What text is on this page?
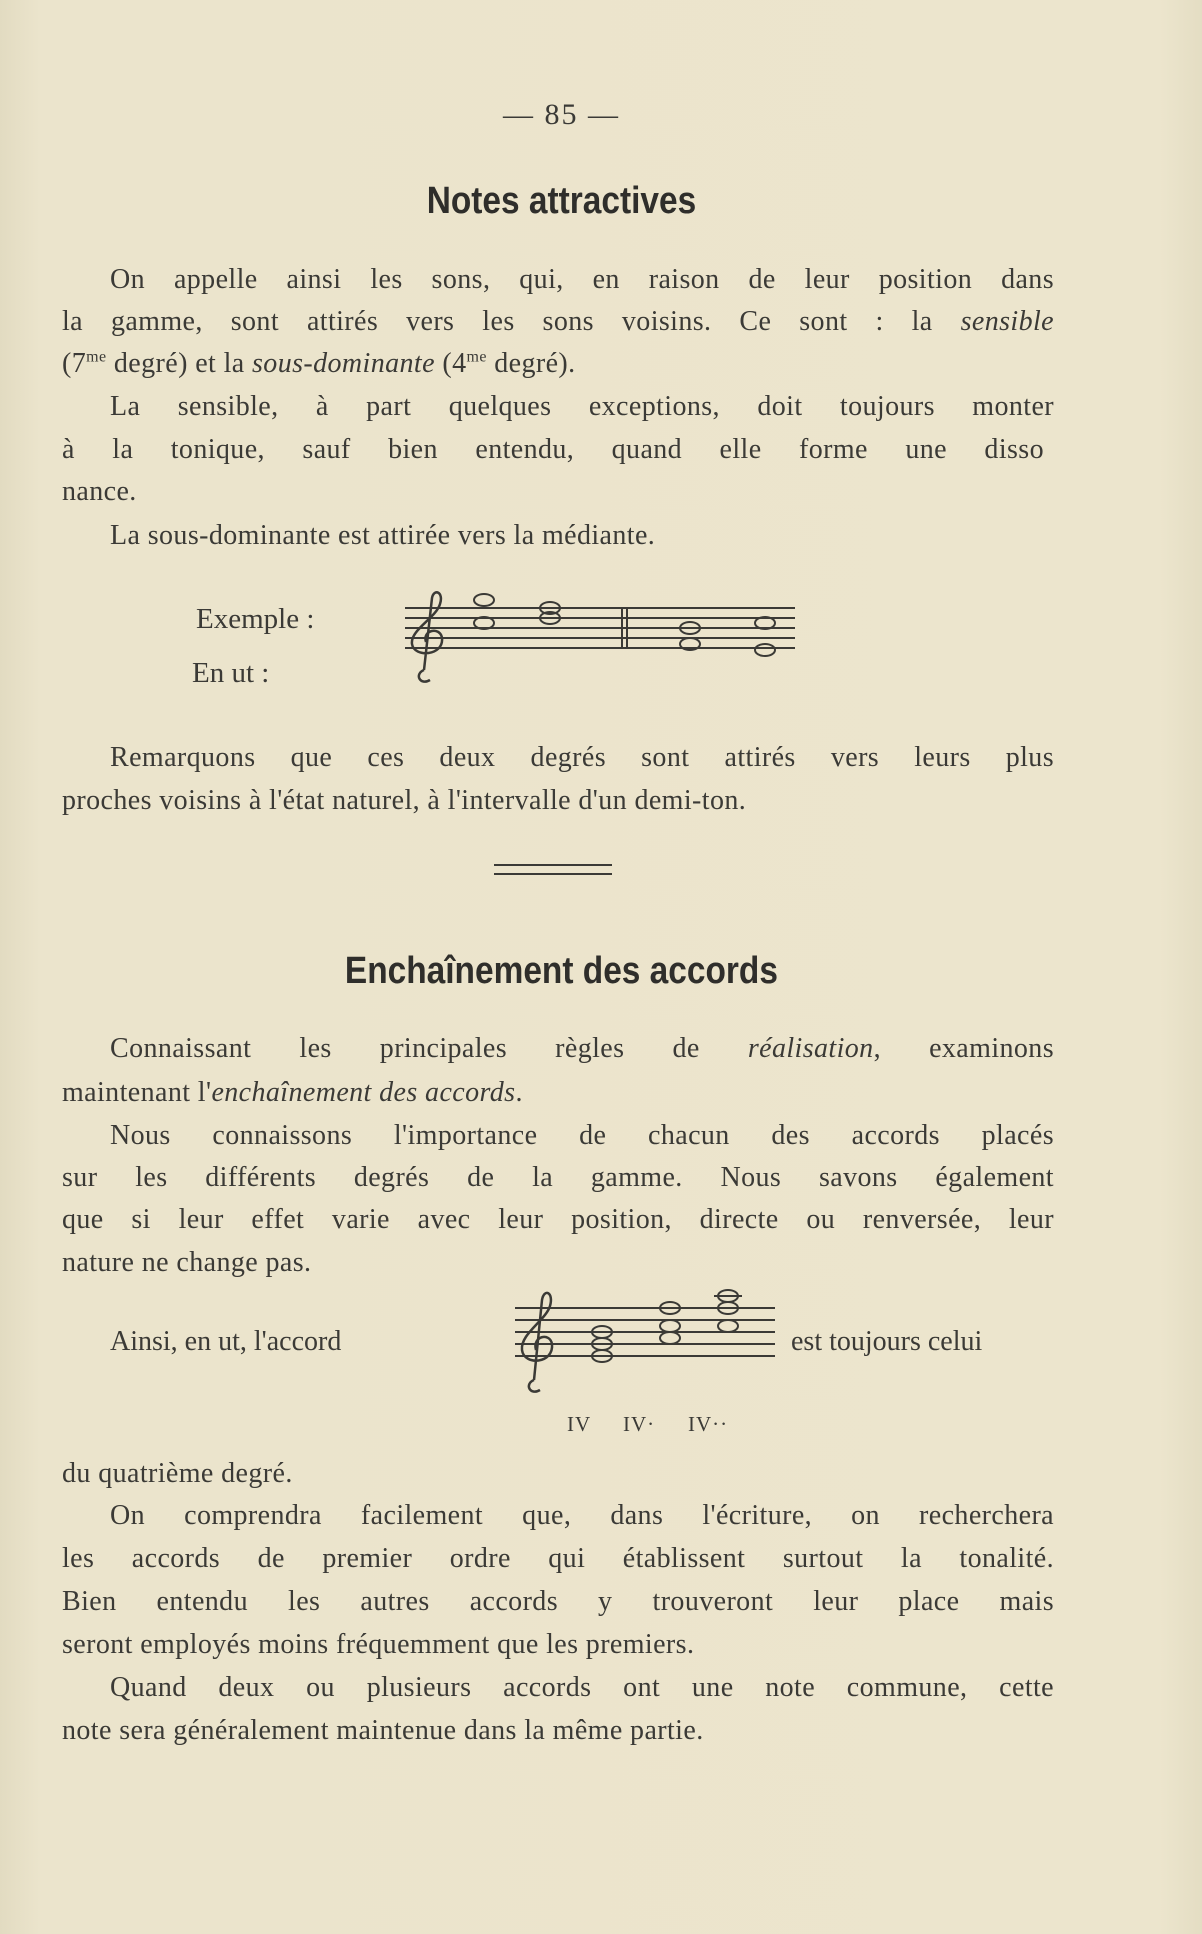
— 85 —
Notes attractives
On appelle ainsi les sons, qui, en raison de leur position dans
la gamme, sont attirés vers les sons voisins. Ce sont : la sensible
($7^{me}$ degré) et la sous-dominante ($4^{me}$ degré).
La sensible, à part quelques exceptions, doit toujours monter
à la tonique, sauf bien entendu, quand elle forme une disso
nance.
La sous-dominante est attirée vers la médiante.
Exemple :
En ut :
Remarquons que ces deux degrés sont attirés vers leurs plus
proches voisins à l'état naturel, à l'intervalle d'un demi-ton.
Enchaînement des accords
Connaissant les principales règles de réalisation, examinons
maintenant l'enchaînement des accords.
Nous connaissons l'importance de chacun des accords placés
sur les différents degrés de la gamme. Nous savons également
que si leur effet varie avec leur position, directe ou renversée, leur
nature ne change pas.
Ainsi, en ut, l'accord	est toujours celui
IV IV· IV··
du quatrième degré.
On comprendra facilement que, dans l'écriture, on recherchera
les accords de premier ordre qui établissent surtout la tonalité.
Bien entendu les autres accords y trouveront leur place mais
seront employés moins fréquemment que les premiers.
Quand deux ou plusieurs accords ont une note commune, cette
note sera généralement maintenue dans la même partie.
